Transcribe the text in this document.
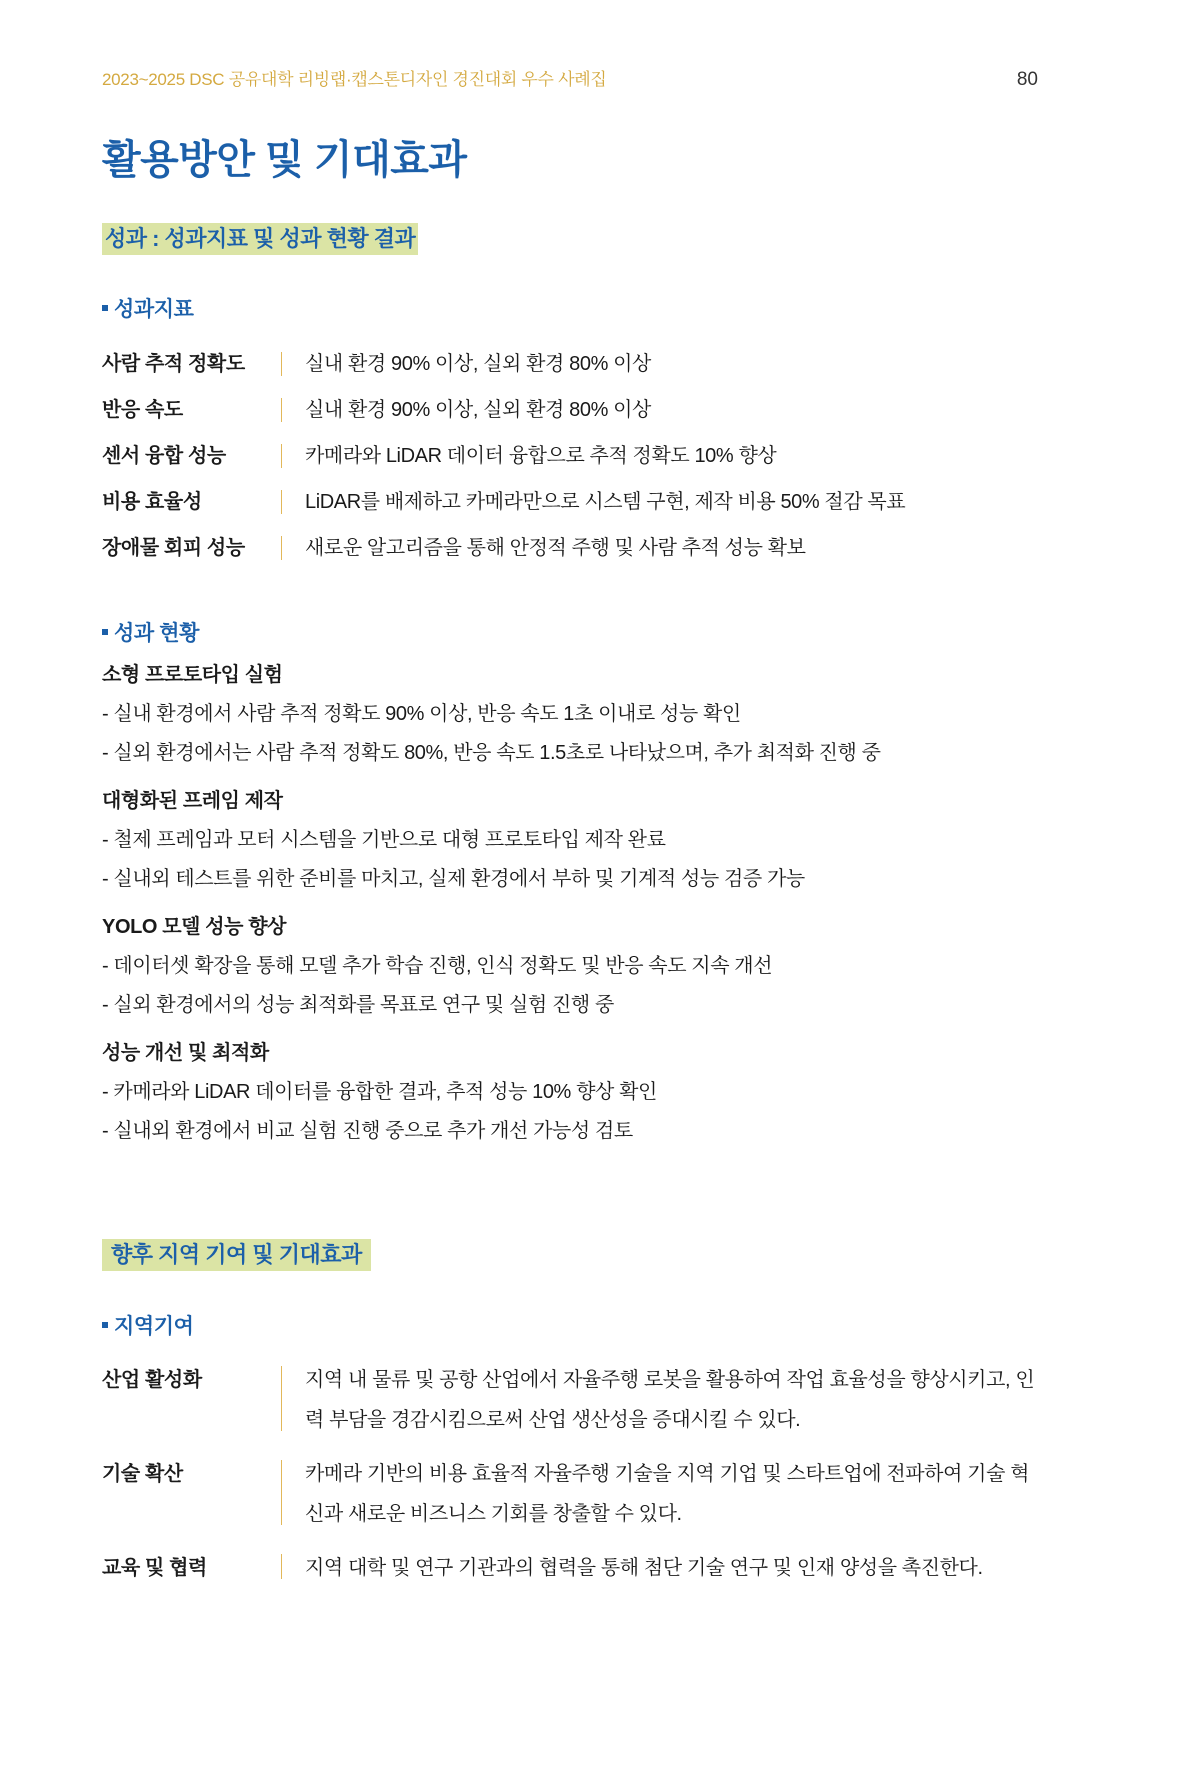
2023~2025 DSC 공유대학 리빙랩·캡스톤디자인 경진대회 우수 사례집	80
활용방안 및 기대효과
성과 : 성과지표 및 성과 현황 결과
성과지표
사람 추적 정확도	실내 환경 90% 이상, 실외 환경 80% 이상
반응 속도	실내 환경 90% 이상, 실외 환경 80% 이상
센서 융합 성능	카메라와 LiDAR 데이터 융합으로 추적 정확도 10% 향상
비용 효율성	LiDAR를 배제하고 카메라만으로 시스템 구현, 제작 비용 50% 절감 목표
장애물 회피 성능	새로운 알고리즘을 통해 안정적 주행 및 사람 추적 성능 확보
성과 현황
소형 프로토타입 실험
- 실내 환경에서 사람 추적 정확도 90% 이상, 반응 속도 1초 이내로 성능 확인
- 실외 환경에서는 사람 추적 정확도 80%, 반응 속도 1.5초로 나타났으며, 추가 최적화 진행 중
대형화된 프레임 제작
- 철제 프레임과 모터 시스템을 기반으로 대형 프로토타입 제작 완료
- 실내외 테스트를 위한 준비를 마치고, 실제 환경에서 부하 및 기계적 성능 검증 가능
YOLO 모델 성능 향상
- 데이터셋 확장을 통해 모델 추가 학습 진행, 인식 정확도 및 반응 속도 지속 개선
- 실외 환경에서의 성능 최적화를 목표로 연구 및 실험 진행 중
성능 개선 및 최적화
- 카메라와 LiDAR 데이터를 융합한 결과, 추적 성능 10% 향상 확인
- 실내외 환경에서 비교 실험 진행 중으로 추가 개선 가능성 검토
향후 지역 기여 및 기대효과
지역기여
산업 활성화	지역 내 물류 및 공항 산업에서 자율주행 로봇을 활용하여 작업 효율성을 향상시키고, 인력 부담을 경감시킴으로써 산업 생산성을 증대시킬 수 있다.
기술 확산	카메라 기반의 비용 효율적 자율주행 기술을 지역 기업 및 스타트업에 전파하여 기술 혁신과 새로운 비즈니스 기회를 창출할 수 있다.
교육 및 협력	지역 대학 및 연구 기관과의 협력을 통해 첨단 기술 연구 및 인재 양성을 촉진한다.
